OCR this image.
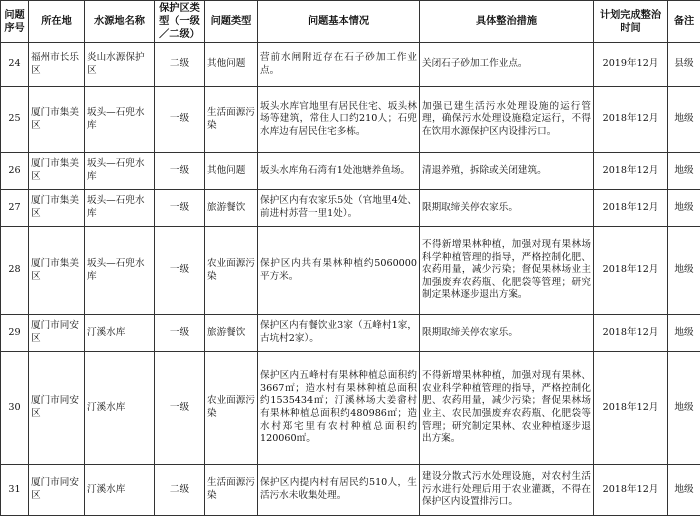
问题序号	所在地	水源地名称	保护区类型（一级／二级）	问题类型	问题基本情况	具体整治措施	计划完成整治时间	备注
24	福州市长乐区	炎山水源保护区	二级	其他问题	营前水闸附近存在石子砂加工作业点。	关闭石子砂加工作业点。	2019年12月	县级
25	厦门市集美区	坂头—石兜水库	一级	生活面源污染	坂头水库官地里有居民住宅、坂头林场等建筑，常住人口约210人；石兜水库边有居民住宅多栋。	加强已建生活污水处理设施的运行管理，确保污水处理设施稳定运行，不得在饮用水源保护区内设排污口。	2018年12月	地级
26	厦门市集美区	坂头—石兜水库	一级	其他问题	坂头水库角石湾有1处池塘养鱼场。	清退养殖，拆除或关闭建筑。	2018年12月	地级
27	厦门市集美区	坂头—石兜水库	一级	旅游餐饮	保护区内有农家乐5处（官地里4处、前进村苏营一里1处）。	限期取缔关停农家乐。	2018年12月	地级
28	厦门市集美区	坂头—石兜水库	一级	农业面源污染	保护区内共有果林种植约5060000平方米。	不得新增果林种植，加强对现有果林场科学种植管理的指导，严格控制化肥、农药用量，减少污染；督促果林场业主加强废弃农药瓶、化肥袋等管理；研究制定果林逐步退出方案。	2018年12月	地级
29	厦门市同安区	汀溪水库	一级	旅游餐饮	保护区内有餐饮业3家（五峰村1家，古坑村2家）。	限期取缔关停农家乐。	2018年12月	地级
30	厦门市同安区	汀溪水库	一级	农业面源污染	保护区内五峰村有果林种植总面积约3667㎡；造水村有果林种植总面积约1535434㎡；汀溪林场大姜畲村有果林种植总面积约480986㎡；造水村郑宅里有农村种植总面积约120060㎡。	不得新增果林种植，加强对现有果林、农业科学种植管理的指导，严格控制化肥、农药用量，减少污染；督促果林场业主、农民加强废弃农药瓶、化肥袋等管理；研究制定果林、农业种植逐步退出方案。	2018年12月	地级
31	厦门市同安区	汀溪水库	二级	生活面源污染	保护区内提内村有居民约510人，生活污水未收集处理。	建设分散式污水处理设施，对农村生活污水进行处理后用于农业灌溉，不得在保护区内设置排污口。	2018年12月	地级
